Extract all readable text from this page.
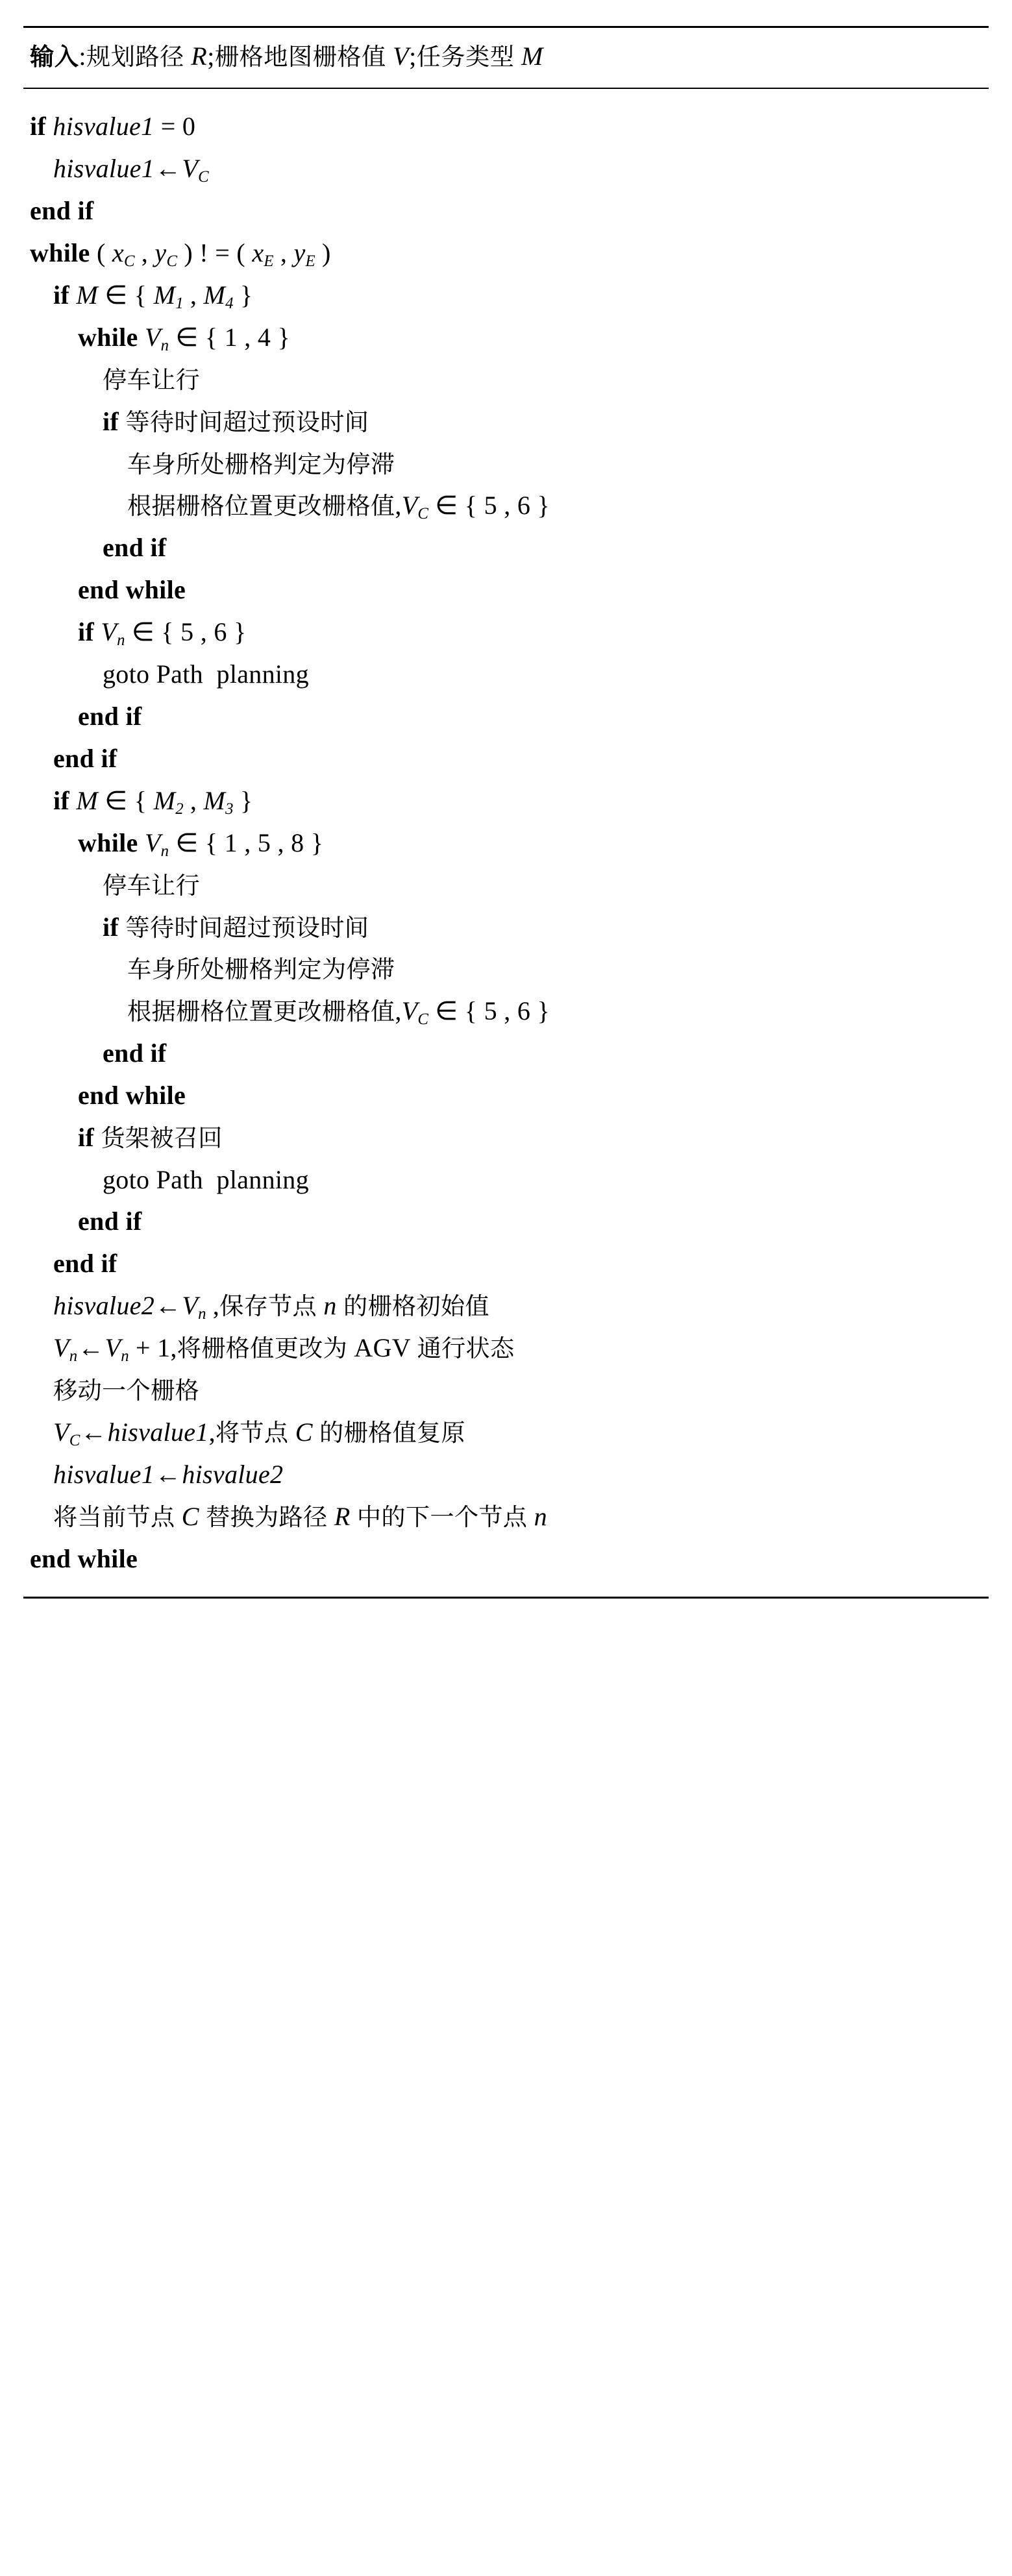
输入:规划路径 R;栅格地图栅格值 V;任务类型 M
if hisvalue1 = 0
$hisvalue1\leftarrow V_C$
end if
while ( $x_C$ , $y_C$ ) ! = ( $x_E$ , $y_E$ )
if M ∈ { $M_1$ , $M_4$ }
while $V_n$ ∈ { 1 , 4 }
停车让行
if 等待时间超过预设时间
车身所处栅格判定为停滞
根据栅格位置更改栅格值$,V_C$ ∈ { 5 , 6 }
end if
end while
if $V_n$ ∈ { 5 , 6 }
goto Path  planning
end if
end if
if M ∈ { $M_2$ , $M_3$ }
while $V_n$ ∈ { 1 , 5 , 8 }
停车让行
if 等待时间超过预设时间
车身所处栅格判定为停滞
根据栅格位置更改栅格值$,V_C$ ∈ { 5 , 6 }
end if
end while
if 货架被召回
goto Path  planning
end if
end if
$hisvalue2\leftarrow V_n$ ,保存节点 n 的栅格初始值
$V_n\leftarrow V_n + 1$,将栅格值更改为 AGV 通行状态
移动一个栅格
$V_C\leftarrow hisvalue1$,将节点 C 的栅格值复原
hisvalue1←hisvalue2
将当前节点 C 替换为路径 R 中的下一个节点 n
end while
